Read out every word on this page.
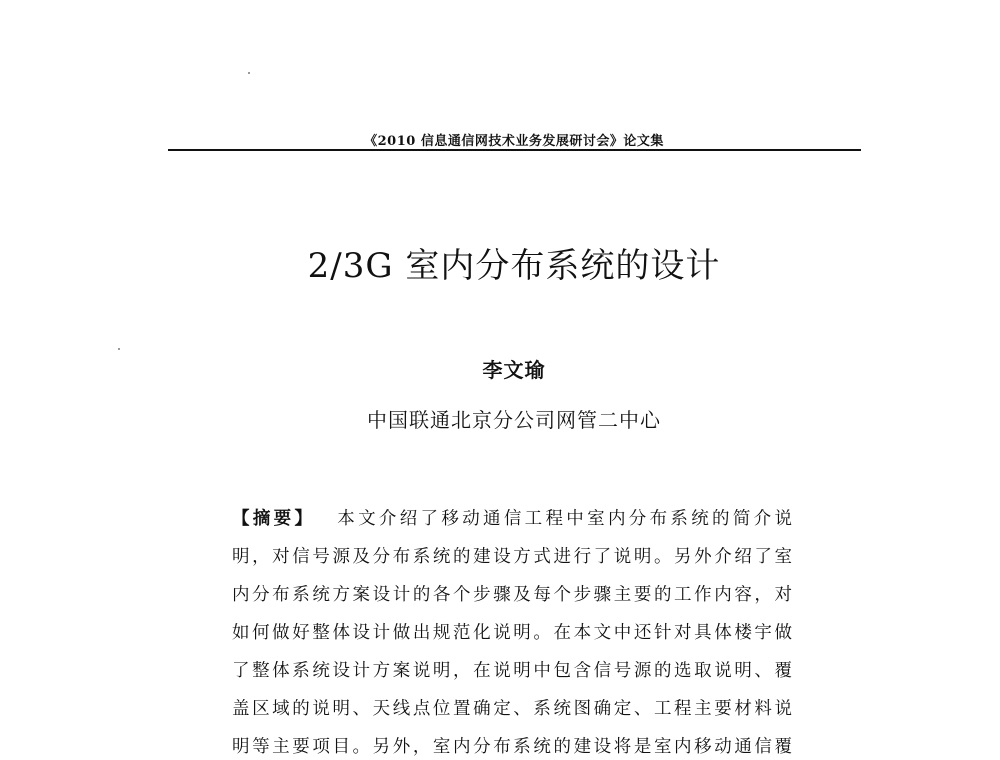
《2010 信息通信网技术业务发展研讨会》论文集
2/3G 室内分布系统的设计
李文瑜
中国联通北京分公司网管二中心
【摘要】 本文介绍了移动通信工程中室内分布系统的简介说
明，对信号源及分布系统的建设方式进行了说明。另外介绍了室
内分布系统方案设计的各个步骤及每个步骤主要的工作内容，对
如何做好整体设计做出规范化说明。在本文中还针对具体楼宇做
了整体系统设计方案说明，在说明中包含信号源的选取说明、覆
盖区域的说明、天线点位置确定、系统图确定、工程主要材料说
明等主要项目。另外，室内分布系统的建设将是室内移动通信覆
